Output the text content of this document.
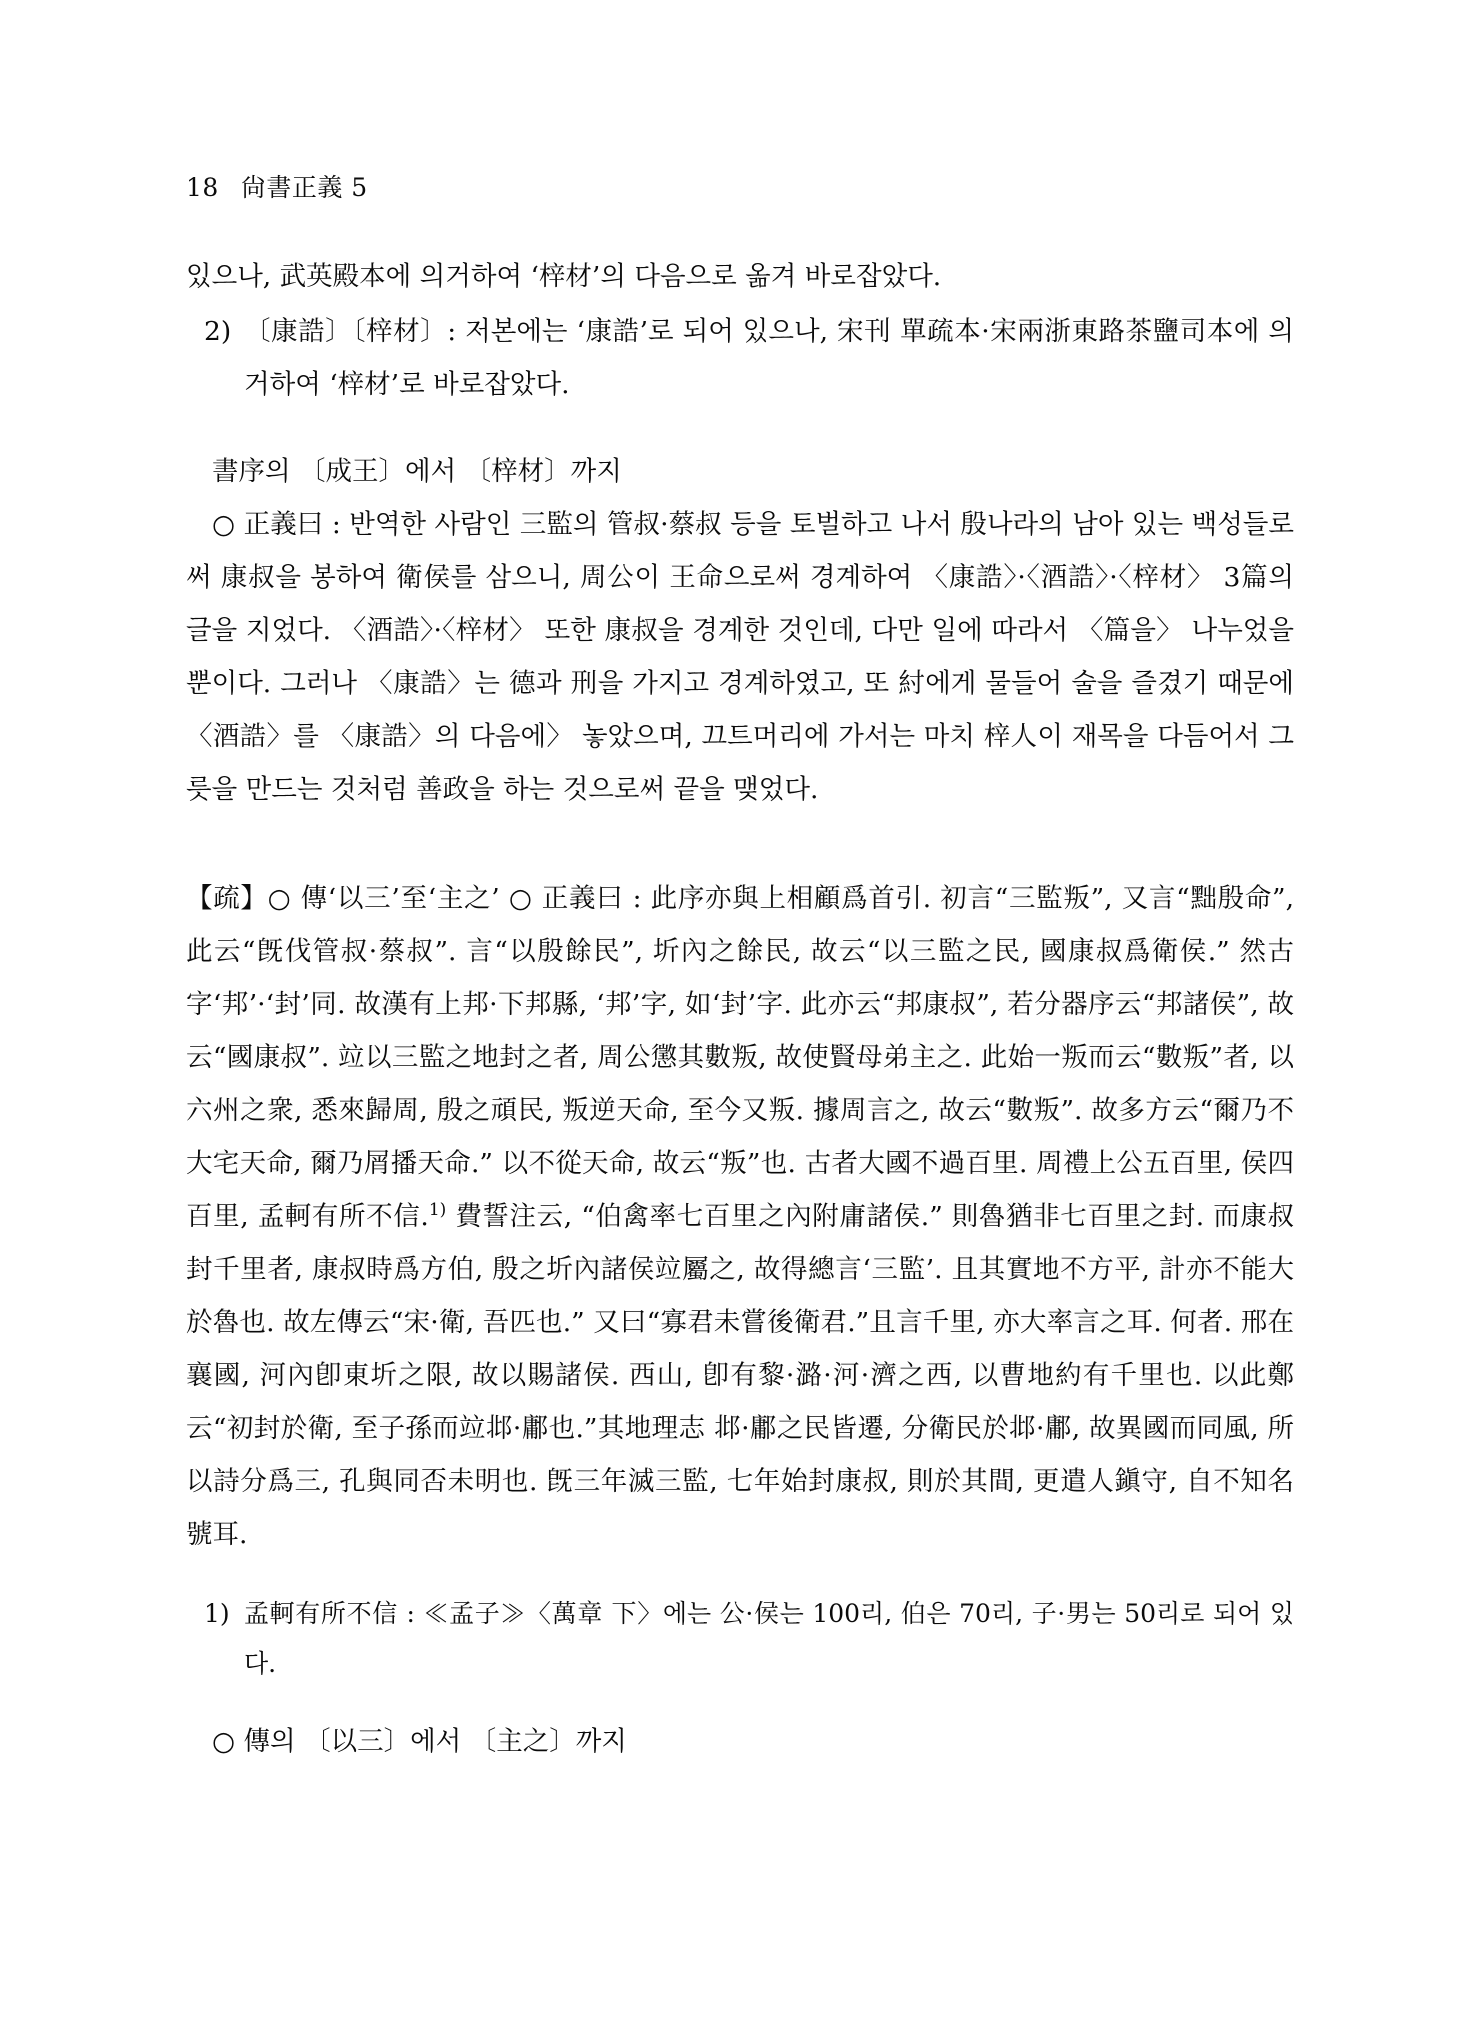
18 尙書正義 5

있으나, 武英殿本에 의거하여 ‘梓材’의 다음으로 옮겨 바로잡았다.

2) 〔康誥〕〔梓材〕: 저본에는 ‘康誥’로 되어 있으나, 宋刊 單疏本·宋兩浙東路茶鹽司本에 의거하여 ‘梓材’로 바로잡았다.

書序의 〔成王〕에서 〔梓材〕까지

○ 正義曰 : 반역한 사람인 三監의 管叔·蔡叔 등을 토벌하고 나서 殷나라의 남아 있는 백성들로써 康叔을 봉하여 衛侯를 삼으니, 周公이 王命으로써 경계하여 〈康誥〉·〈酒誥〉·〈梓材〉 3篇의 글을 지었다. 〈酒誥〉·〈梓材〉 또한 康叔을 경계한 것인데, 다만 일에 따라서 〈篇을〉 나누었을 뿐이다. 그러나 〈康誥〉는 德과 刑을 가지고 경계하였고, 또 紂에게 물들어 술을 즐겼기 때문에 〈酒誥〉를 〈康誥〉의 다음에〉 놓았으며, 끄트머리에 가서는 마치 梓人이 재목을 다듬어서 그릇을 만드는 것처럼 善政을 하는 것으로써 끝을 맺었다.

【疏】○ 傳‘以三’至‘主之’ ○ 正義曰 : 此序亦與上相顧爲首引. 初言“三監叛”, 又言“黜殷命”, 此云“旣伐管叔·蔡叔”. 言“以殷餘民”, 圻內之餘民, 故云“以三監之民, 國康叔爲衛侯.” 然古字‘邦’·‘封’同. 故漢有上邦·下邦縣, ‘邦’字, 如‘封’字. 此亦云“邦康叔”, 若分器序云“邦諸侯”, 故云“國康叔”. 竝以三監之地封之者, 周公懲其數叛, 故使賢母弟主之. 此始一叛而云“數叛”者, 以六州之衆, 悉來歸周, 殷之頑民, 叛逆天命, 至今又叛. 據周言之, 故云“數叛”. 故多方云“爾乃不大宅天命, 爾乃屑播天命.” 以不從天命, 故云“叛”也. 古者大國不過百里. 周禮上公五百里, 侯四百里, 孟軻有所不信.$^{1)}$ 費誓注云, “伯禽率七百里之內附庸諸侯.” 則魯猶非七百里之封. 而康叔封千里者, 康叔時爲方伯, 殷之圻內諸侯竝屬之, 故得總言‘三監’. 且其實地不方平, 計亦不能大於魯也. 故左傳云“宋·衛, 吾匹也.” 又曰“寡君未嘗後衛君.”且言千里, 亦大率言之耳. 何者. 邢在襄國, 河內卽東圻之限, 故以賜諸侯. 西山, 卽有黎·潞·河·濟之西, 以曹地約有千里也. 以此鄭云“初封於衛, 至子孫而竝邶·鄘也.”其地理志 邶·鄘之民皆遷, 分衛民於邶·鄘, 故異國而同風, 所以詩分爲三, 孔與同否未明也. 旣三年滅三監, 七年始封康叔, 則於其間, 更遣人鎭守, 自不知名號耳.

1) 孟軻有所不信 : ≪孟子≫〈萬章 下〉에는 公·侯는 100리, 伯은 70리, 子·男는 50리로 되어 있다.

○ 傳의 〔以三〕에서 〔主之〕까지
